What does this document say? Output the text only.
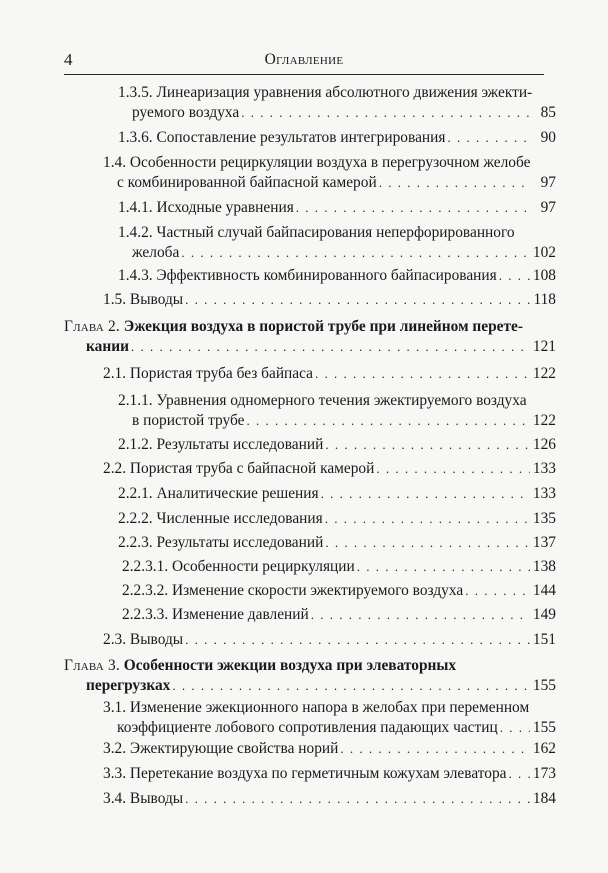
4	Оглавление
1.3.5. Линеаризация уравнения абсолютного движения эжекти-
руемого воздуха . . .	85
1.3.6. Сопоставление результатов интегрирования . . .	90
1.4. Особенности рециркуляции воздуха в перегрузочном желобе
с комбинированной байпасной камерой . . .	97
1.4.1. Исходные уравнения . . .	97
1.4.2. Частный случай байпасирования неперфорированного
желоба . . .	102
1.4.3. Эффективность комбинированного байпасирования . . . 108
1.5. Выводы . . .	118
Глава 2. Эжекция воздуха в пористой трубе при линейном перете-
кании . . .	121
2.1. Пористая труба без байпаса . . .	122
2.1.1. Уравнения одномерного течения эжектируемого воздуха
в пористой трубе . . .	122
2.1.2. Результаты исследований . . .	126
2.2. Пористая труба с байпасной камерой . . .	133
2.2.1. Аналитические решения . . .	133
2.2.2. Численные исследования . . .	135
2.2.3. Результаты исследований . . .	137
2.2.3.1. Особенности рециркуляции . . .	138
2.2.3.2. Изменение скорости эжектируемого воздуха . . .	144
2.2.3.3. Изменение давлений . . .	149
2.3. Выводы . . .	151
Глава 3. Особенности эжекции воздуха при элеваторных
перегрузках . . .	155
3.1. Изменение эжекционного напора в желобах при переменном
коэффициенте лобового сопротивления падающих частиц . . . 155
3.2. Эжектирующие свойства норий . . .	162
3.3. Перетекание воздуха по герметичным кожухам элеватора . . . 173
3.4. Выводы . . .	184
